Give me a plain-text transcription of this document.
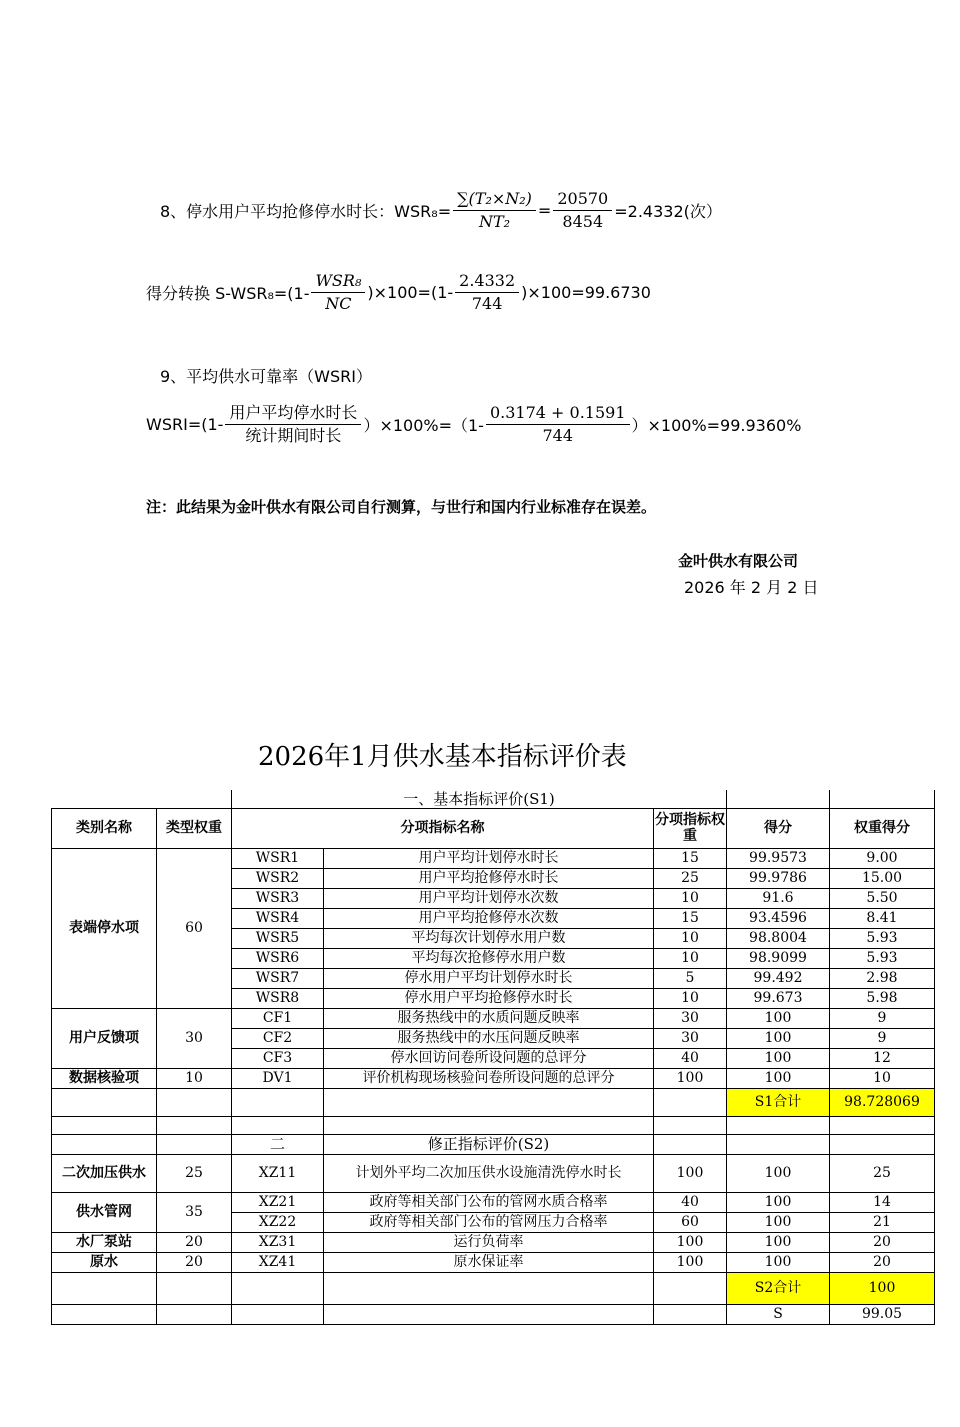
8、停水用户平均抢修停水时长：$WSR_8= \frac{\text{∑(T₂×N₂)}}{\text{NT₂}} = \frac{20570}{8454} =2.4332$(次）
得分转换 $S-WSR_8=(1- \frac{\text{WSR₈}}{NC} )\times 100=(1- \frac{2.4332}{744} )\times 100=99.6730$
9、平均供水可靠率（WSRI）
WSRI=(1- $\frac{\text{用户平均停水时长}}{\text{统计期间时长}} )\times 100\%=(1- \frac{0.3174 + 0.1591}{744} )\times 100\%=99.9360\%$
注：此结果为金叶供水有限公司自行测算，与世行和国内行业标准存在误差。
金叶供水有限公司
2026 年 2 月 2 日
2026年1月供水基本指标评价表
		一、基本指标评价(S1)				
类别名称	类型权重	分项指标名称		分项指标权重	得分	权重得分
表端停水项	60	WSR1	用户平均计划停水时长	15	99.9573	9.00
		WSR2	用户平均抢修停水时长	25	99.9786	15.00
		WSR3	用户平均计划停水次数	10	91.6	5.50
		WSR4	用户平均抢修停水次数	15	93.4596	8.41
		WSR5	平均每次计划停水用户数	10	98.8004	5.93
		WSR6	平均每次抢修停水用户数	10	98.9099	5.93
		WSR7	停水用户平均计划停水时长	5	99.492	2.98
		WSR8	停水用户平均抢修停水时长	10	99.673	5.98
用户反馈项	30	CF1	服务热线中的水质问题反映率	30	100	9
		CF2	服务热线中的水压问题反映率	30	100	9
		CF3	停水回访问卷所设问题的总评分	40	100	12
数据核验项	10	DV1	评价机构现场核验问卷所设问题的总评分	100	100	10
					S1合计	98.728069

		二	修正指标评价(S2)			
二次加压供水	25	XZ11	计划外平均二次加压供水设施清洗停水时长	100	100	25
供水管网	35	XZ21	政府等相关部门公布的管网水质合格率	40	100	14
		XZ22	政府等相关部门公布的管网压力合格率	60	100	21
水厂泵站	20	XZ31	运行负荷率	100	100	20
原水	20	XZ41	原水保证率	100	100	20
					S2合计	100
					S	99.05
